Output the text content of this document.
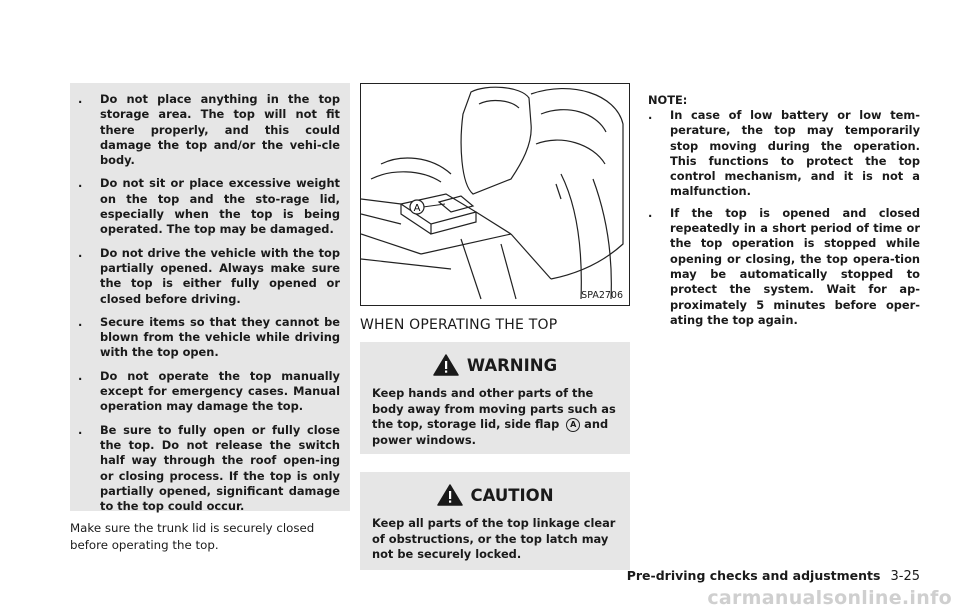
. Do not place anything in the top storage area. The top will not fit there properly, and this could damage the top and/or the vehi-cle body.
. Do not sit or place excessive weight on the top and the sto-rage lid, especially when the top is being operated. The top may be damaged.
. Do not drive the vehicle with the top partially opened. Always make sure the top is either fully opened or closed before driving.
. Secure items so that they cannot be blown from the vehicle while driving with the top open.
. Do not operate the top manually except for emergency cases. Manual operation may damage the top.
. Be sure to fully open or fully close the top. Do not release the switch half way through the roof open-ing or closing process. If the top is only partially opened, significant damage to the top could occur.
Make sure the trunk lid is securely closed before operating the top.
A
SPA2706
WHEN OPERATING THE TOP
WARNING
Keep hands and other parts of the body away from moving parts such as the top, storage lid, side flap A and power windows.
CAUTION
Keep all parts of the top linkage clear of obstructions, or the top latch may not be securely locked.
NOTE:
. In case of low battery or low tem-perature, the top may temporarily stop moving during the operation. This functions to protect the top control mechanism, and it is not a malfunction.
. If the top is opened and closed repeatedly in a short period of time or the top operation is stopped while opening or closing, the top opera-tion may be automatically stopped to protect the system. Wait for ap-proximately 5 minutes before oper-ating the top again.
Pre-driving checks and adjustments 3-25
carmanualsonline.info
